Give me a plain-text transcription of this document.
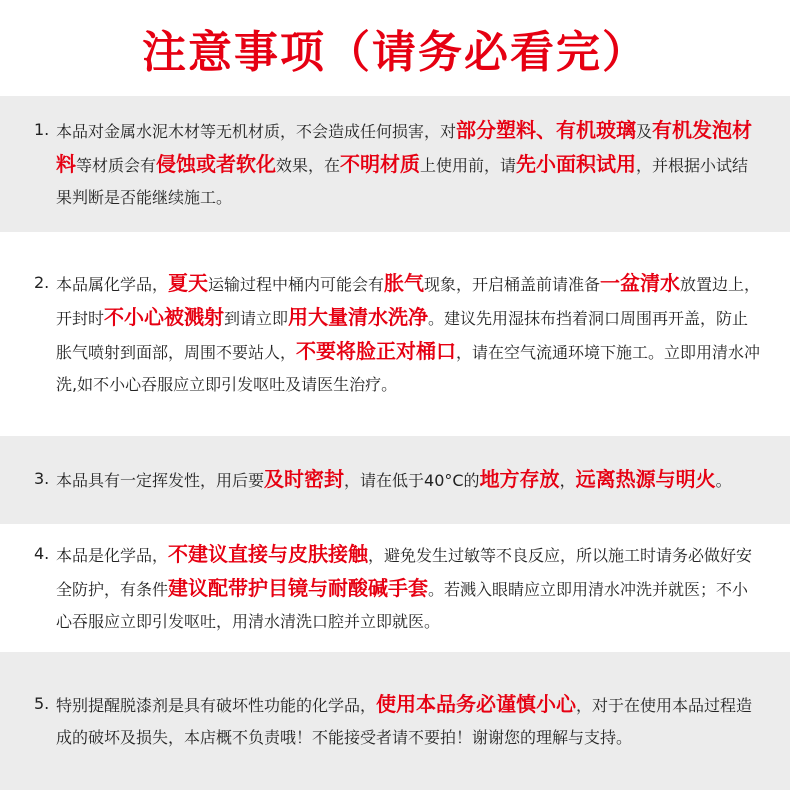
注意事项（请务必看完）
1. 本品对金属水泥木材等无机材质，不会造成任何损害，对部分塑料、有机玻璃及有机发泡材料等材质会有侵蚀或者软化效果，在不明材质上使用前，请先小面积试用，并根据小试结果判断是否能继续施工。
2. 本品属化学品，夏天运输过程中桶内可能会有胀气现象，开启桶盖前请准备一盆清水放置边上，开封时不小心被溅射到请立即用大量清水洗净。建议先用湿抹布挡着洞口周围再开盖，防止胀气喷射到面部，周围不要站人，不要将脸正对桶口，请在空气流通环境下施工。立即用清水冲洗,如不小心吞服应立即引发呕吐及请医生治疗。
3. 本品具有一定挥发性，用后要及时密封，请在低于40°C的地方存放，远离热源与明火。
4. 本品是化学品，不建议直接与皮肤接触，避免发生过敏等不良反应，所以施工时请务必做好安全防护，有条件建议配带护目镜与耐酸碱手套。若溅入眼睛应立即用清水冲洗并就医；不小心吞服应立即引发呕吐，用清水清洗口腔并立即就医。
5. 特别提醒脱漆剂是具有破坏性功能的化学品，使用本品务必谨慎小心，对于在使用本品过程造成的破坏及损失，本店概不负责哦！不能接受者请不要拍！谢谢您的理解与支持。
